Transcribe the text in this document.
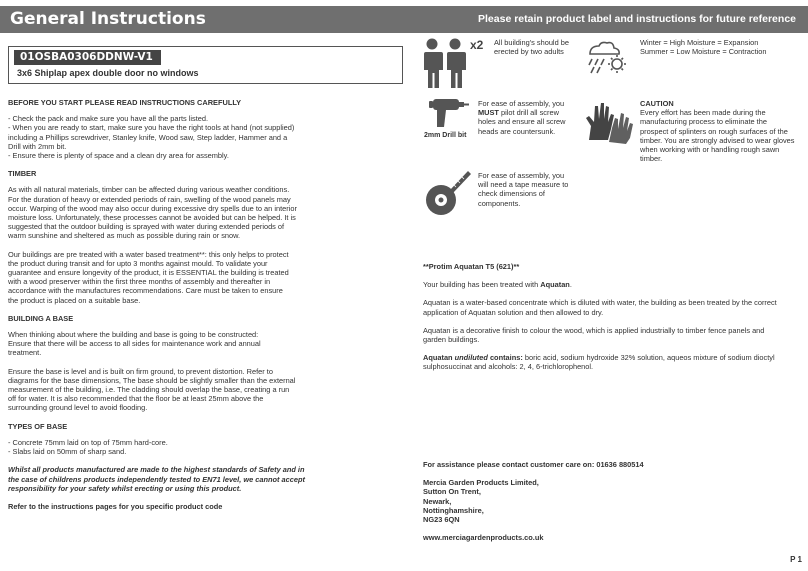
General Instructions	Please retain product label and instructions for future reference
01OSBA0306DDNW-V1
3x6 Shiplap apex double door no windows

BEFORE YOU START PLEASE READ INSTRUCTIONS CAREFULLY

- Check the pack and make sure you have all the parts listed.

- When you are ready to start, make sure you have the right tools at hand (not supplied)

including a Phillips screwdriver, Stanley knife, Wood saw, Step ladder, Hammer and a

Drill with 2mm bit.

- Ensure there is plenty of space and a clean dry area for assembly.

TIMBER

As with all natural materials, timber can be affected during various weather conditions.

For the duration of heavy or extended periods of rain, swelling of the wood panels may

occur. Warping of the wood may also occur during excessive dry spells due to an interior

moisture loss. Unfortunately, these processes cannot be avoided but can be helped. It is

suggested that the outdoor building is sprayed with water during extended periods of

warm sunshine and sheltered as much as possible during rain or snow.

Our buildings are pre treated with a water based treatment**: this only helps to protect

the product during transit and for upto 3 months against mould. To validate your

guarantee and ensure longevity of the product, it is ESSENTIAL the building is treated

with a wood preserver within the first three months of assembly and thereafter in

accordance with the manufactures recommendations. Care must be taken to ensure

the product is placed on a suitable base.

BUILDING A BASE

When thinking about where the building and base is going to be constructed:

Ensure that there will be access to all sides for maintenance work and annual

treatment.

Ensure the base is level and is built on firm ground, to prevent distortion. Refer to

diagrams for the base dimensions, The base should be slightly smaller than the external

measurement of the building, i.e. The cladding should overlap the base, creating a run

off for water. It is also recommended that the floor be at least 25mm above the

surrounding ground level to avoid flooding.

TYPES OF BASE

- Concrete 75mm laid on top of 75mm hard-core.

- Slabs laid on 50mm of sharp sand.

Whilst all products manufactured are made to the highest standards of Safety and in

the case of childrens products independently tested to EN71 level, we cannot accept

responsibility for your safety whilst erecting or using this product.

Refer to the instructions pages for you specific product code

x2 All building's should be

erected by two adults

Winter = High Moisture = Expansion

Summer = Low Moisture = Contraction

2mm Drill bit

For ease of assembly, you

MUST pilot drill all screw

holes and ensure all screw

heads are countersunk.

CAUTION

Every effort has been made during the

manufacturing process to eliminate the

prospect of splinters on rough surfaces of the

timber. You are strongly advised to wear gloves

when working with or handling rough sawn

timber.

For ease of assembly, you

will need a tape measure to

check dimensions of

components.

**Protim Aquatan T5 (621)**

Your building has been treated with Aquatan.

Aquatan is a water-based concentrate which is diluted with water, the building as been treated by the correct

application of Aquatan solution and then allowed to dry.

Aquatan is a decorative finish to colour the wood, which is applied industrially to timber fence panels and

garden buildings.

Aquatan undiluted contains: boric acid, sodium hydroxide 32% solution, aqueos mixture of sodium dioctyl

sulphosuccinat and alcohols: 2, 4, 6-trichlorophenol.

For assistance please contact customer care on: 01636 880514

Mercia Garden Products Limited,

Sutton On Trent,

Newark,

Nottinghamshire,

NG23 6QN

www.merciagardenproducts.co.uk

P 1
